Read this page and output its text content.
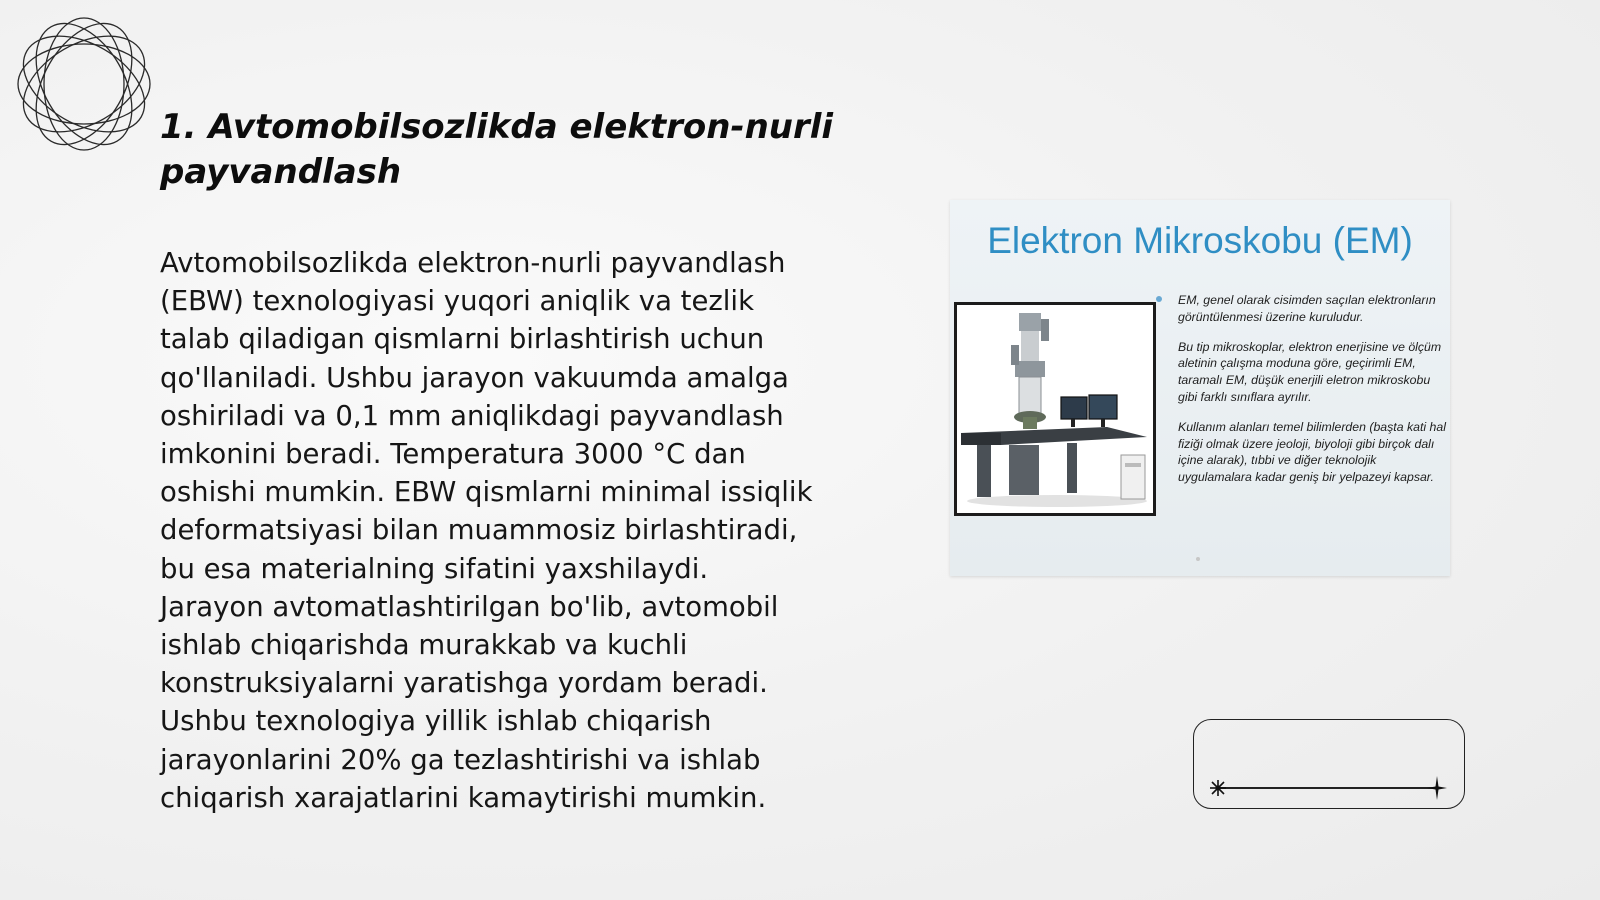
1. Avtomobilsozlikda elektron-nurli payvandlash

Avtomobilsozlikda elektron-nurli payvandlash (EBW) texnologiyasi yuqori aniqlik va tezlik talab qiladigan qismlarni birlashtirish uchun qo'llaniladi. Ushbu jarayon vakuumda amalga oshiriladi va 0,1 mm aniqlikdagi payvandlash imkonini beradi. Temperatura 3000 °C dan oshishi mumkin. EBW qismlarni minimal issiqlik deformatsiyasi bilan muammosiz birlashtiradi, bu esa materialning sifatini yaxshilaydi. Jarayon avtomatlashtirilgan bo'lib, avtomobil ishlab chiqarishda murakkab va kuchli konstruksiyalarni yaratishga yordam beradi. Ushbu texnologiya yillik ishlab chiqarish jarayonlarini 20% ga tezlashtirishi va ishlab chiqarish xarajatlarini kamaytirishi mumkin.

Elektron Mikroskobu (EM)

EM, genel olarak cisimden saçılan elektronların görüntülenmesi üzerine kuruludur.

Bu tip mikroskoplar, elektron enerjisine ve ölçüm aletinin çalışma moduna göre, geçirimli EM, taramalı EM, düşük enerjili eletron mikroskobu gibi farklı sınıflara ayrılır.

Kullanım alanları temel bilimlerden (başta kati hal fiziği olmak üzere jeoloji, biyoloji gibi birçok dalı içine alarak), tıbbi ve diğer teknolojik uygulamalara kadar geniş bir yelpazeyi kapsar.
